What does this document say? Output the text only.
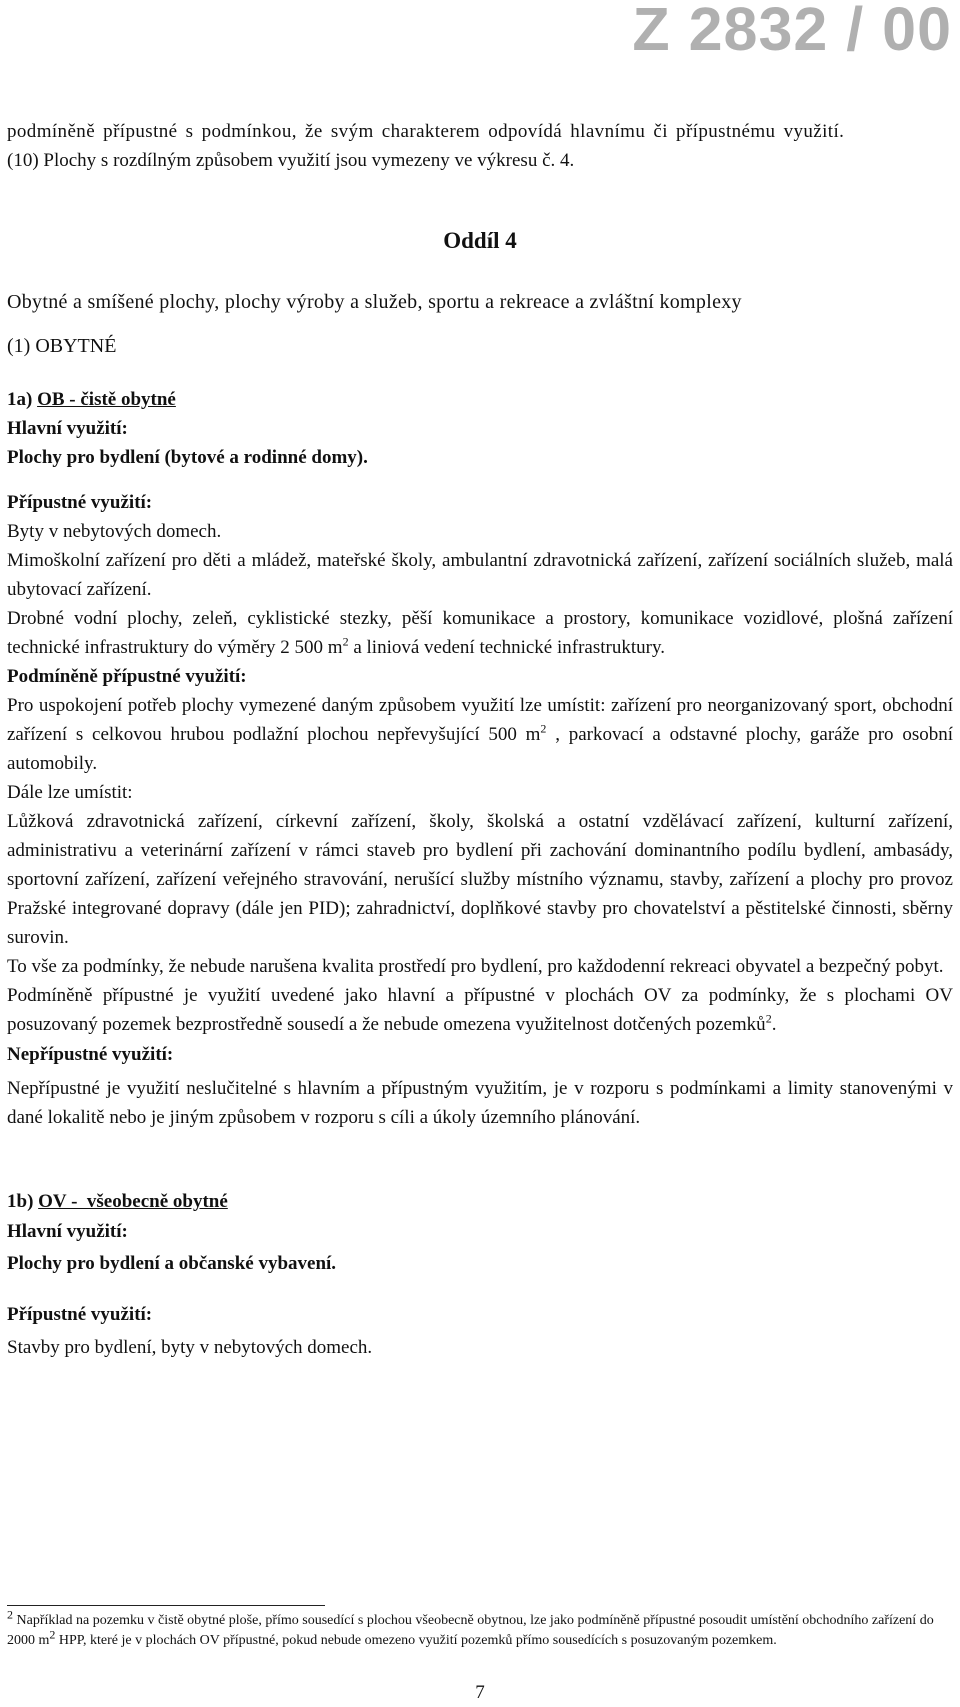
Z 2832 / 00

podmíněně přípustné s podmínkou, že svým charakterem odpovídá hlavnímu či přípustnému využití.

(10) Plochy s rozdílným způsobem využití jsou vymezeny ve výkresu č. 4.

Oddíl 4

Obytné a smíšené plochy, plochy výroby a služeb, sportu a rekreace a zvláštní komplexy

(1) OBYTNÉ

1a) OB - čistě obytné

Hlavní využití:

Plochy pro bydlení (bytové a rodinné domy).

Přípustné využití:

Byty v nebytových domech.

Mimoškolní zařízení pro děti a mládež, mateřské školy, ambulantní zdravotnická zařízení, zařízení sociálních služeb, malá ubytovací zařízení.

Drobné vodní plochy, zeleň, cyklistické stezky, pěší komunikace a prostory, komunikace vozidlové, plošná zařízení technické infrastruktury do výměry 2 500 $m^2$ a liniová vedení technické infrastruktury.

Podmíněně přípustné využití:

Pro uspokojení potřeb plochy vymezené daným způsobem využití lze umístit: zařízení pro neorganizovaný sport, obchodní zařízení s celkovou hrubou podlažní plochou nepřevyšující 500 $m^2$ , parkovací a odstavné plochy, garáže pro osobní automobily.

Dále lze umístit:

Lůžková zdravotnická zařízení, církevní zařízení, školy, školská a ostatní vzdělávací zařízení, kulturní zařízení, administrativu a veterinární zařízení v rámci staveb pro bydlení při zachování dominantního podílu bydlení, ambasády, sportovní zařízení, zařízení veřejného stravování, nerušící služby místního významu, stavby, zařízení a plochy pro provoz Pražské integrované dopravy (dále jen PID); zahradnictví, doplňkové stavby pro chovatelství a pěstitelské činnosti, sběrny surovin.

To vše za podmínky, že nebude narušena kvalita prostředí pro bydlení, pro každodenní rekreaci obyvatel a bezpečný pobyt.

Podmíněně přípustné je využití uvedené jako hlavní a přípustné v plochách OV za podmínky, že s plochami OV posuzovaný pozemek bezprostředně sousedí a že nebude omezena využitelnost dotčených pozemků$^2$.

Nepřípustné využití:

Nepřípustné je využití neslučitelné s hlavním a přípustným využitím, je v rozporu s podmínkami a limity stanovenými v dané lokalitě nebo je jiným způsobem v rozporu s cíli a úkoly územního plánování.

1b) OV -  všeobecně obytné

Hlavní využití:

Plochy pro bydlení a občanské vybavení.

Přípustné využití:

Stavby pro bydlení, byty v nebytových domech.

$^2$ Například na pozemku v čistě obytné ploše, přímo sousedící s plochou všeobecně obytnou, lze jako podmíněně přípustné posoudit umístění obchodního zařízení do 2000 $m^2$ HPP, které je v plochách OV přípustné, pokud nebude omezeno využití pozemků přímo sousedících s posuzovaným pozemkem.
7
